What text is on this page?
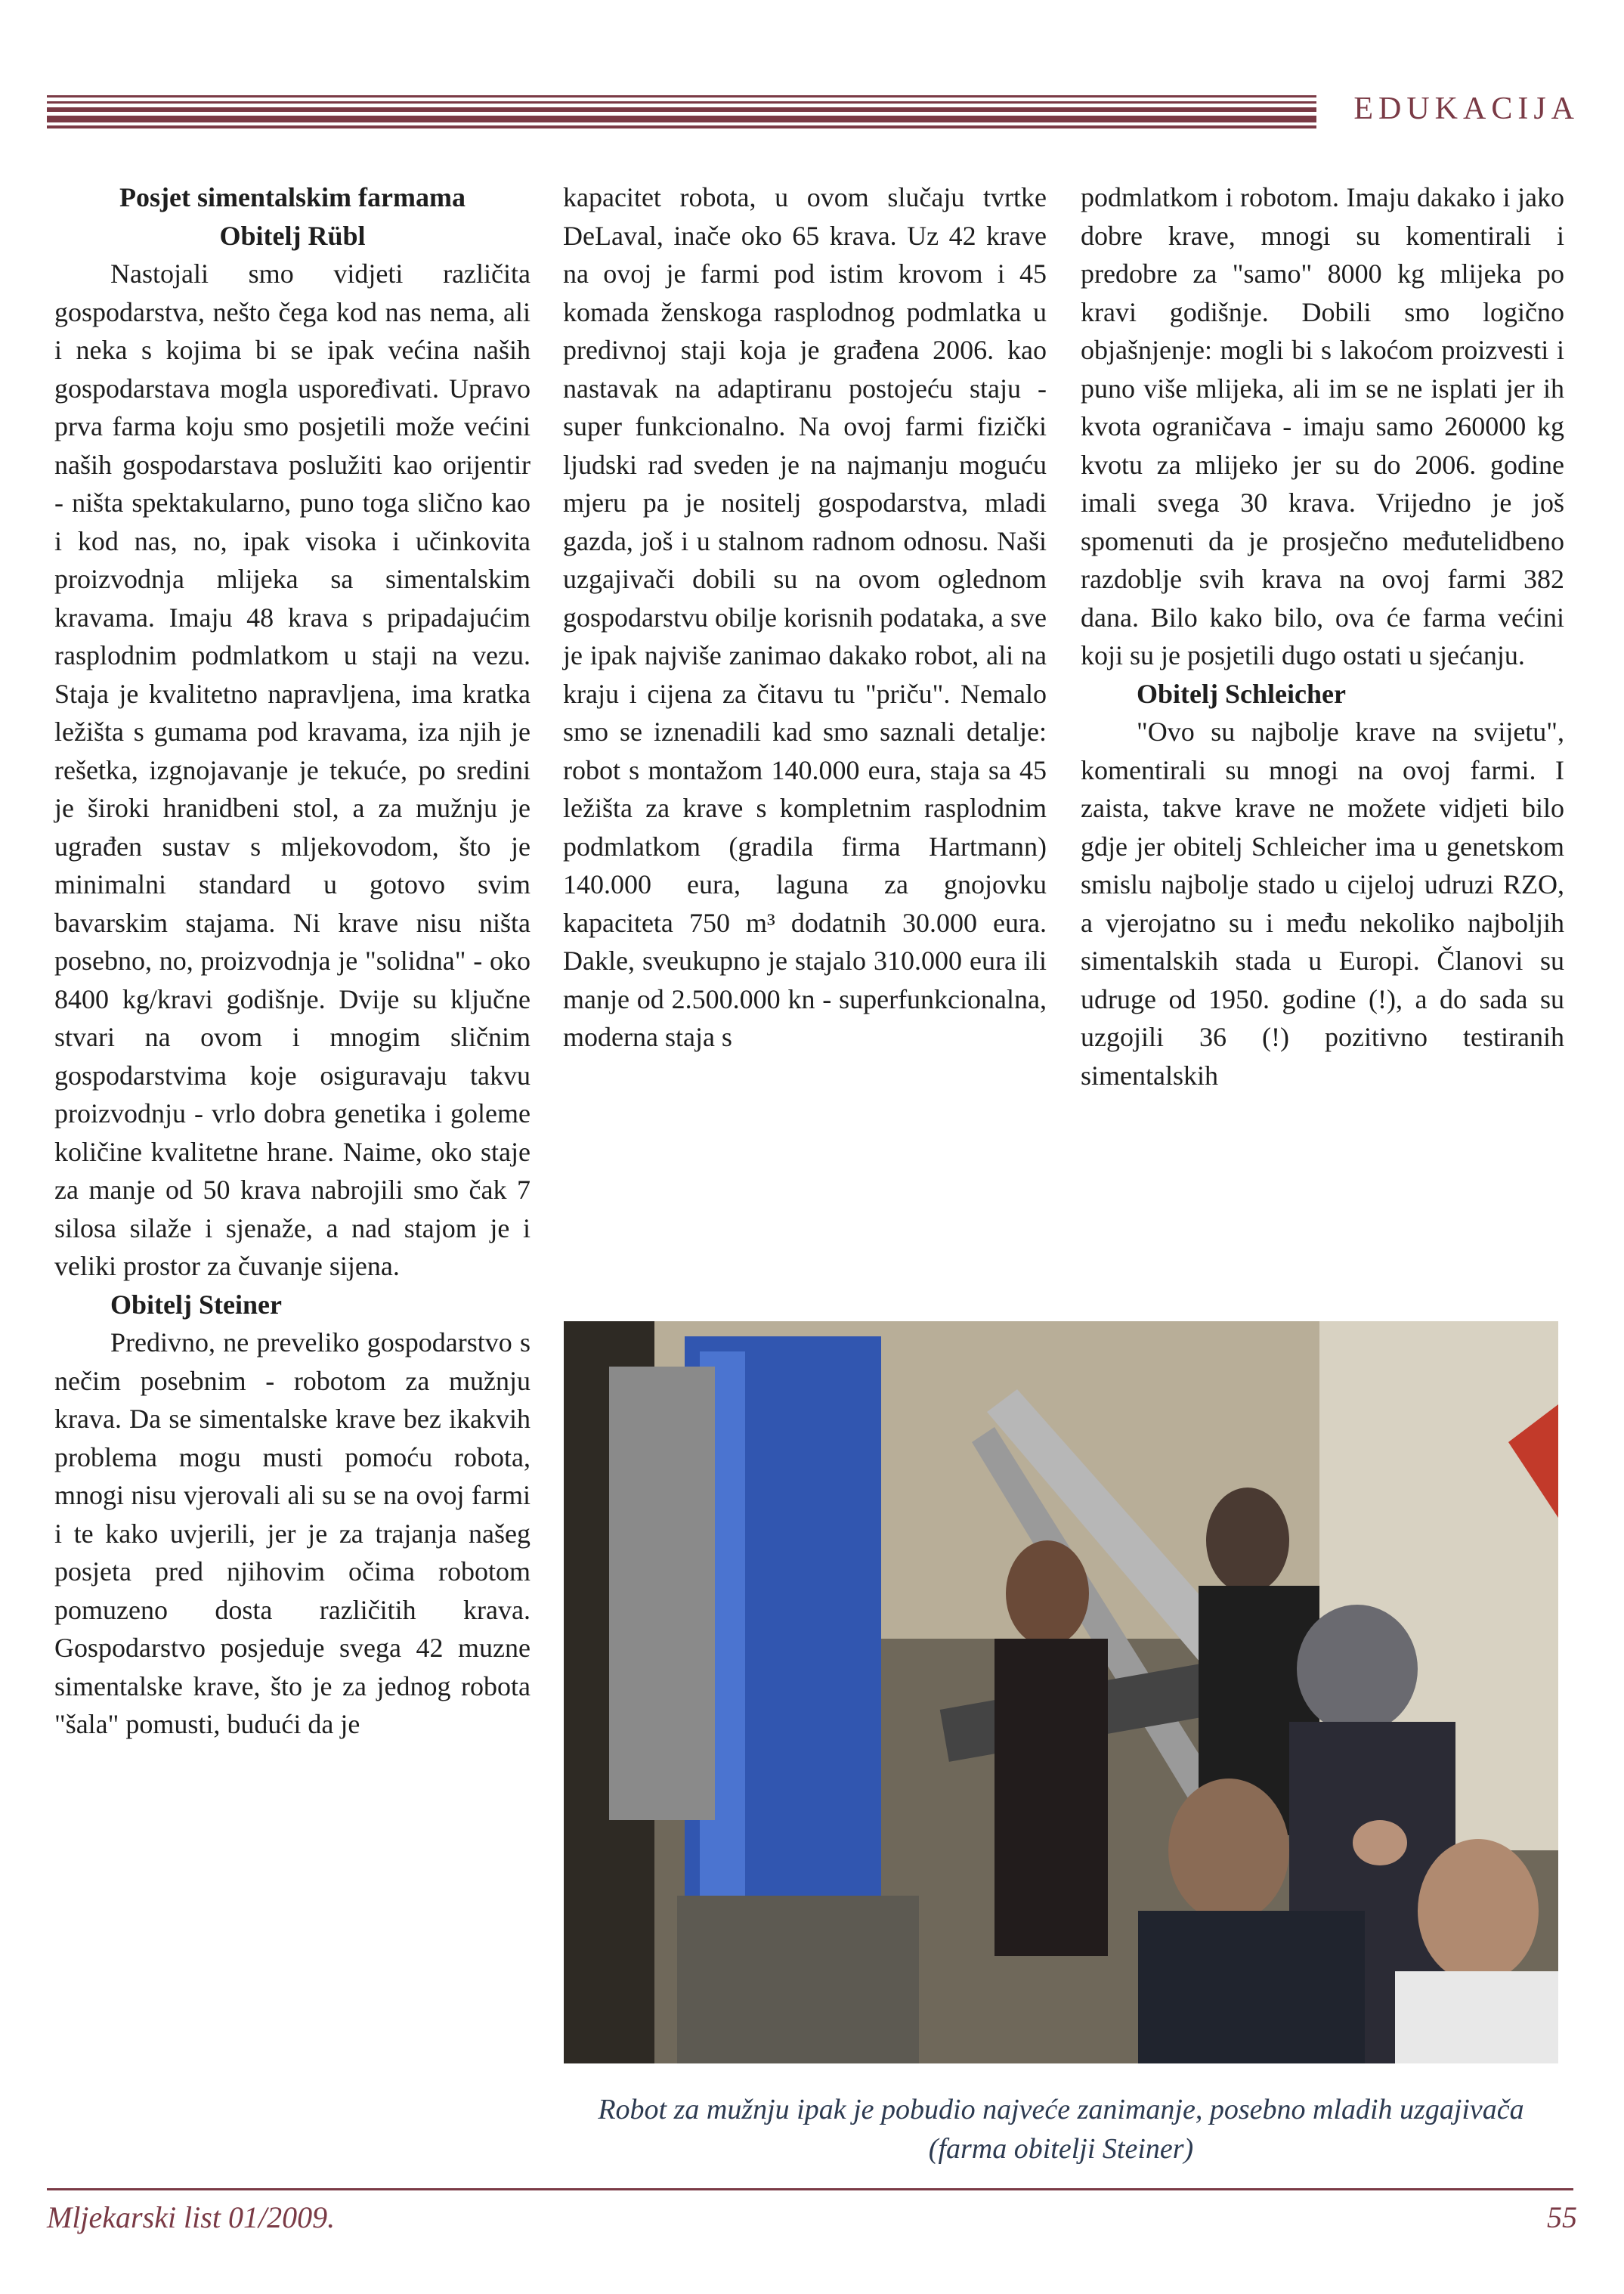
EDUKACIJA
Posjet simentalskim farmama
Obitelj Rübl

Nastojali smo vidjeti različita gospodarstva, nešto čega kod nas nema, ali i neka s kojima bi se ipak većina naših gospodarstava mogla uspoređivati. Upravo prva farma koju smo posjetili može većini naših gospodarstava poslužiti kao orijentir - ništa spektakularno, puno toga slično kao i kod nas, no, ipak visoka i učinkovita proizvodnja mlijeka sa simentalskim kravama. Imaju 48 krava s pripadajućim rasplodnim podmlatkom u staji na vezu. Staja je kvalitetno napravljena, ima kratka ležišta s gumama pod kravama, iza njih je rešetka, izgnojavanje je tekuće, po sredini je široki hranidbeni stol, a za mužnju je ugrađen sustav s mljekovodom, što je minimalni standard u gotovo svim bavarskim stajama. Ni krave nisu ništa posebno, no, proizvodnja je "solidna" - oko 8400 kg/kravi godišnje. Dvije su ključne stvari na ovom i mnogim sličnim gospodarstvima koje osiguravaju takvu proizvodnju - vrlo dobra genetika i goleme količine kvalitetne hrane. Naime, oko staje za manje od 50 krava nabrojili smo čak 7 silosa silaže i sjenaže, a nad stajom je i veliki prostor za čuvanje sijena.

Obitelj Steiner

Predivno, ne preveliko gospodarstvo s nečim posebnim - robotom za mužnju krava. Da se simentalske krave bez ikakvih problema mogu musti pomoću robota, mnogi nisu vjerovali ali su se na ovoj farmi i te kako uvjerili, jer je za trajanja našeg posjeta pred njihovim očima robotom pomuzeno dosta različitih krava. Gospodarstvo posjeduje svega 42 muzne simentalske krave, što je za jednog robota "šala" pomusti, budući da je

kapacitet robota, u ovom slučaju tvrtke DeLaval, inače oko 65 krava. Uz 42 krave na ovoj je farmi pod istim krovom i 45 komada ženskoga rasplodnog podmlatka u predivnoj staji koja je građena 2006. kao nastavak na adaptiranu postojeću staju - super funkcionalno. Na ovoj farmi fizički ljudski rad sveden je na najmanju moguću mjeru pa je nositelj gospodarstva, mladi gazda, još i u stalnom radnom odnosu. Naši uzgajivači dobili su na ovom oglednom gospodarstvu obilje korisnih podataka, a sve je ipak najviše zanimao dakako robot, ali na kraju i cijena za čitavu tu "priču". Nemalo smo se iznenadili kad smo saznali detalje: robot s montažom 140.000 eura, staja sa 45 ležišta za krave s kompletnim rasplodnim podmlatkom (gradila firma Hartmann) 140.000 eura, laguna za gnojovku kapaciteta 750 m³ dodatnih 30.000 eura. Dakle, sveukupno je stajalo 310.000 eura ili manje od 2.500.000 kn - superfunkcionalna, moderna staja s

podmlatkom i robotom. Imaju dakako i jako dobre krave, mnogi su komentirali i predobre za "samo" 8000 kg mlijeka po kravi godišnje. Dobili smo logično objašnjenje: mogli bi s lakoćom proizvesti i puno više mlijeka, ali im se ne isplati jer ih kvota ograničava - imaju samo 260000 kg kvotu za mlijeko jer su do 2006. godine imali svega 30 krava. Vrijedno je još spomenuti da je prosječno međutelidbeno razdoblje svih krava na ovoj farmi 382 dana. Bilo kako bilo, ova će farma većini koji su je posjetili dugo ostati u sjećanju.

Obitelj Schleicher

"Ovo su najbolje krave na svijetu", komentirali su mnogi na ovoj farmi. I zaista, takve krave ne možete vidjeti bilo gdje jer obitelj Schleicher ima u genetskom smislu najbolje stado u cijeloj udruzi RZO, a vjerojatno su i među nekoliko najboljih simentalskih stada u Europi. Članovi su udruge od 1950. godine (!), a do sada su uzgojili 36 (!) pozitivno testiranih simentalskih

Robot za mužnju ipak je pobudio najveće zanimanje, posebno mladih uzgajivača (farma obitelji Steiner)
Mljekarski list 01/2009.	55
